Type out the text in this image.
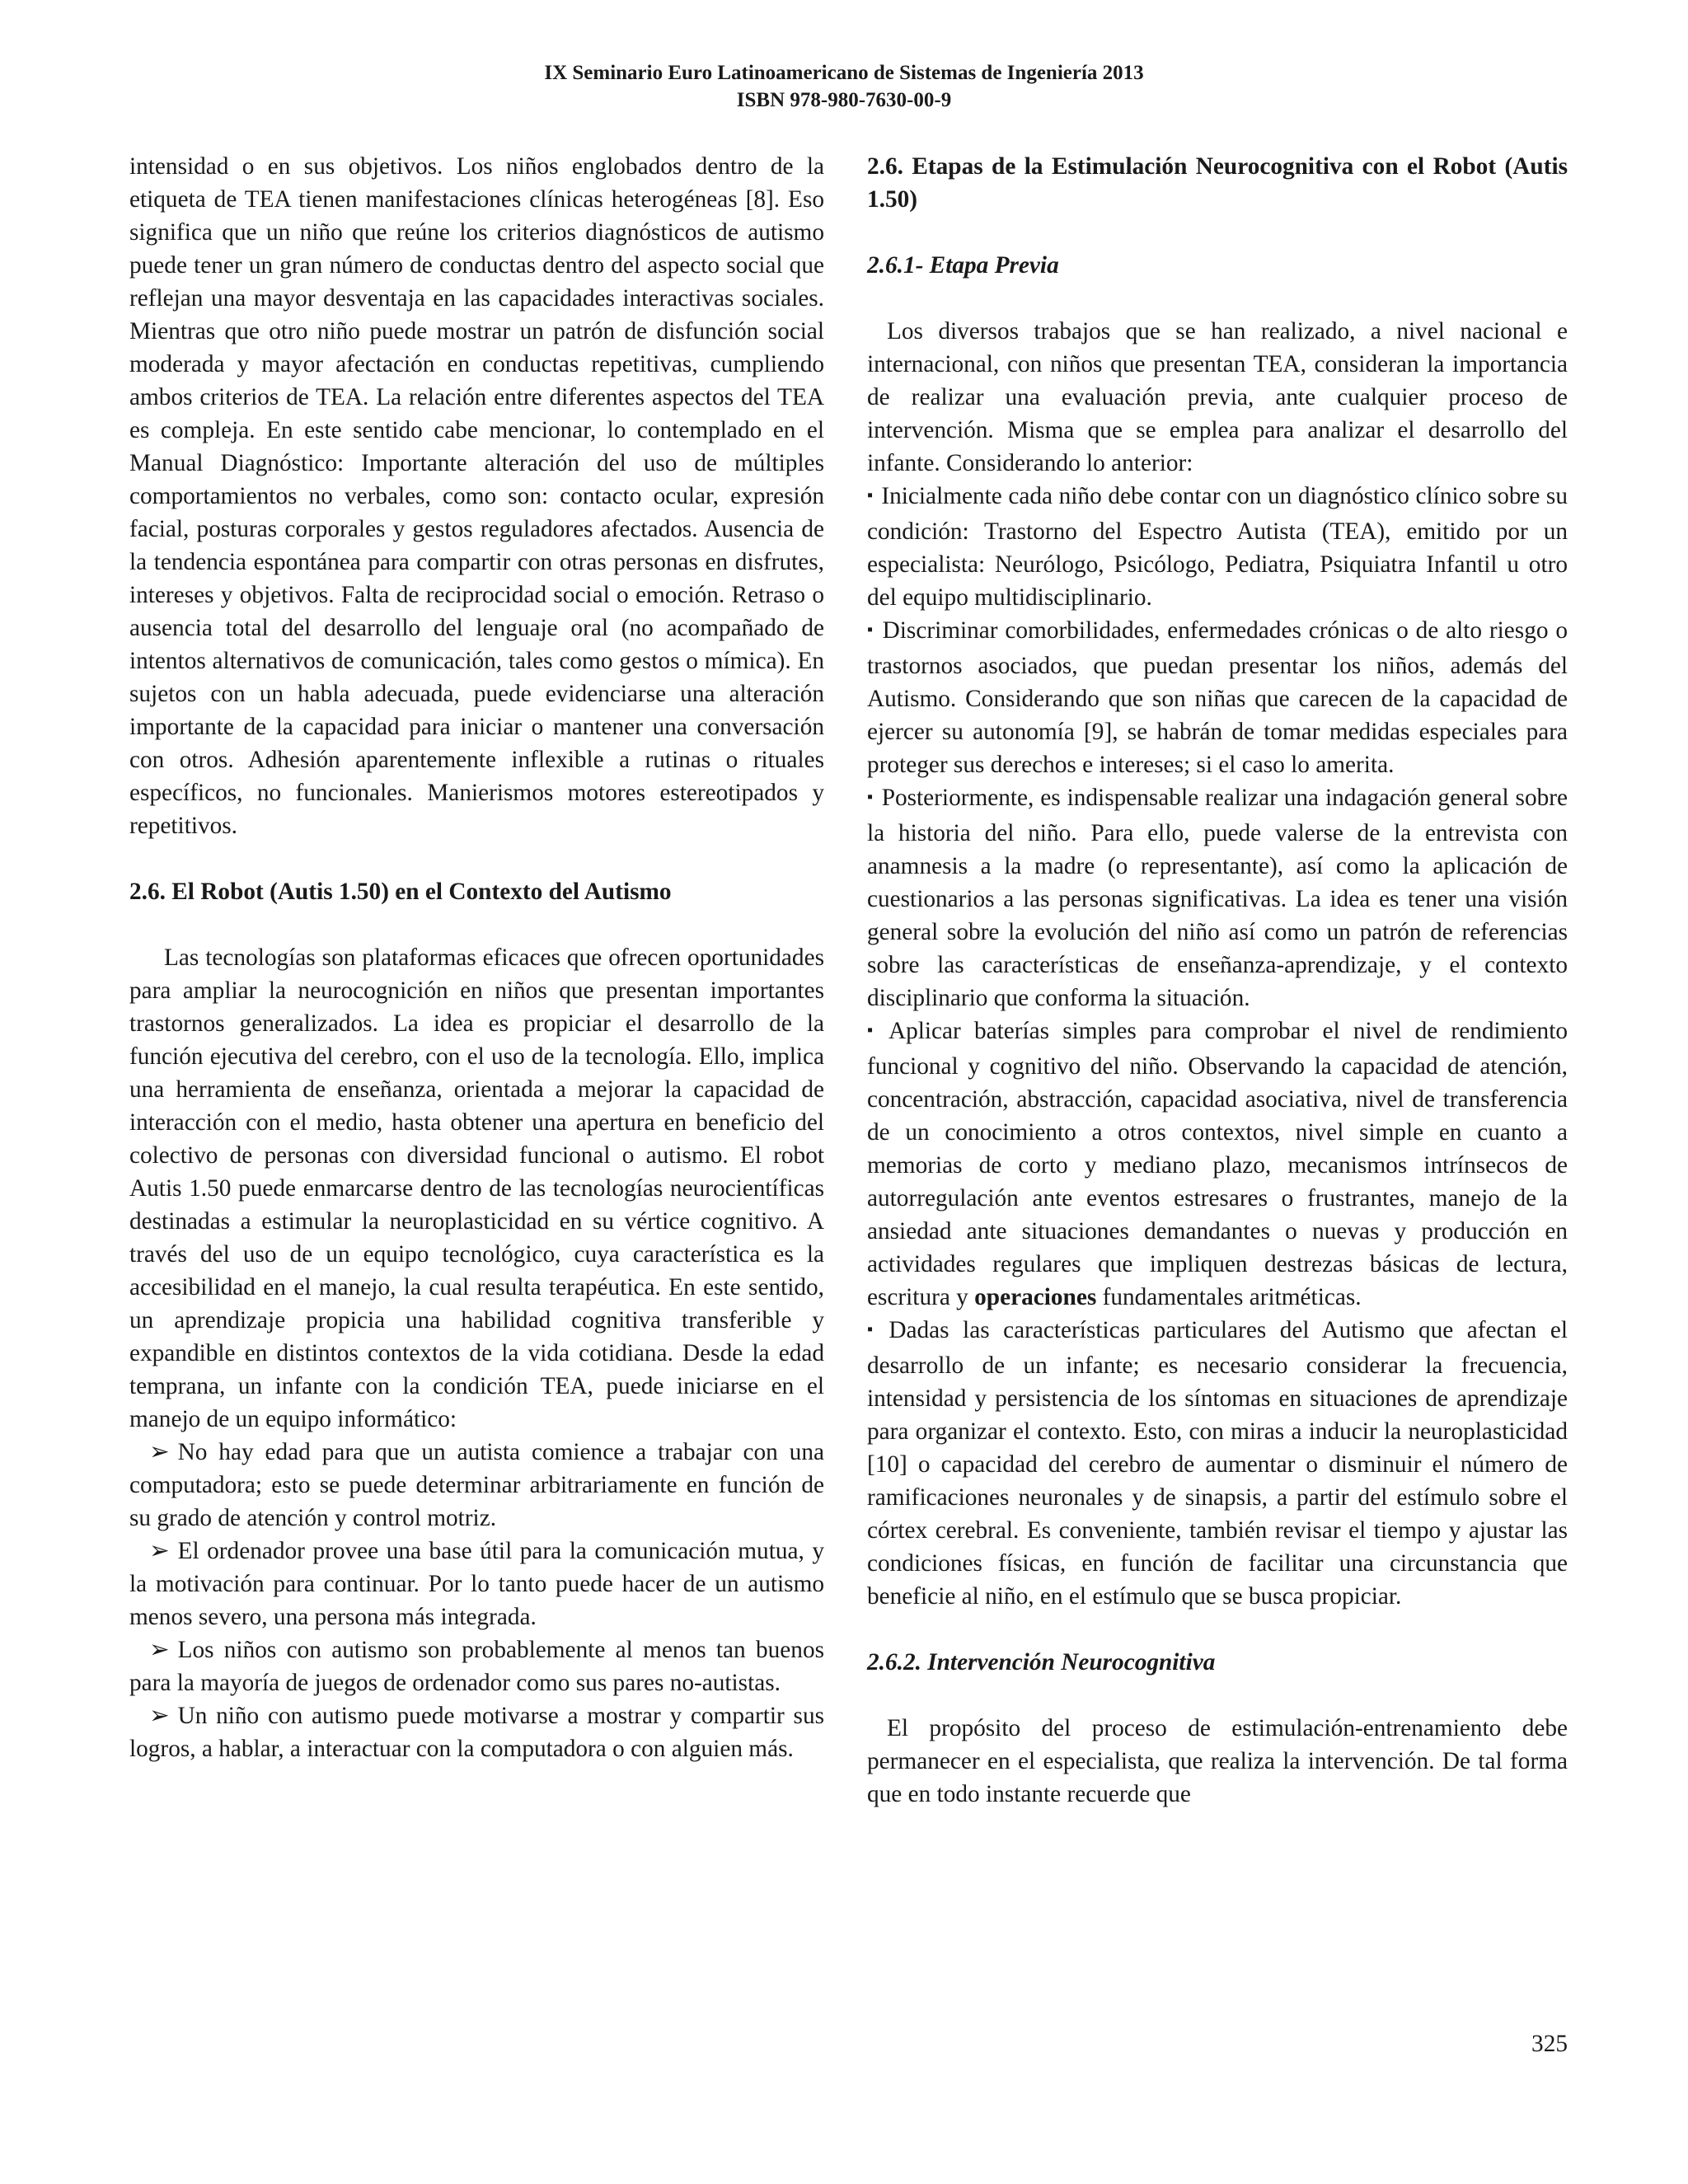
IX Seminario Euro Latinoamericano de Sistemas de Ingeniería 2013
ISBN 978-980-7630-00-9

intensidad o en sus objetivos. Los niños englobados dentro de la etiqueta de TEA tienen manifestaciones clínicas heterogéneas [8]. Eso significa que un niño que reúne los criterios diagnósticos de autismo puede tener un gran número de conductas dentro del aspecto social que reflejan una mayor desventaja en las capacidades interactivas sociales. Mientras que otro niño puede mostrar un patrón de disfunción social moderada y mayor afectación en conductas repetitivas, cumpliendo ambos criterios de TEA. La relación entre diferentes aspectos del TEA es compleja. En este sentido cabe mencionar, lo contemplado en el Manual Diagnóstico: Importante alteración del uso de múltiples comportamientos no verbales, como son: contacto ocular, expresión facial, posturas corporales y gestos reguladores afectados. Ausencia de la tendencia espontánea para compartir con otras personas en disfrutes, intereses y objetivos. Falta de reciprocidad social o emoción. Retraso o ausencia total del desarrollo del lenguaje oral (no acompañado de intentos alternativos de comunicación, tales como gestos o mímica). En sujetos con un habla adecuada, puede evidenciarse una alteración importante de la capacidad para iniciar o mantener una conversación con otros. Adhesión aparentemente inflexible a rutinas o rituales específicos, no funcionales. Manierismos motores estereotipados y repetitivos.

2.6. El Robot (Autis 1.50) en el Contexto del Autismo

Las tecnologías son plataformas eficaces que ofrecen oportunidades para ampliar la neurocognición en niños que presentan importantes trastornos generalizados. La idea es propiciar el desarrollo de la función ejecutiva del cerebro, con el uso de la tecnología. Ello, implica una herramienta de enseñanza, orientada a mejorar la capacidad de interacción con el medio, hasta obtener una apertura en beneficio del colectivo de personas con diversidad funcional o autismo. El robot Autis 1.50 puede enmarcarse dentro de las tecnologías neurocientíficas destinadas a estimular la neuroplasticidad en su vértice cognitivo. A través del uso de un equipo tecnológico, cuya característica es la accesibilidad en el manejo, la cual resulta terapéutica. En este sentido, un aprendizaje propicia una habilidad cognitiva transferible y expandible en distintos contextos de la vida cotidiana. Desde la edad temprana, un infante con la condición TEA, puede iniciarse en el manejo de un equipo informático:

➢ No hay edad para que un autista comience a trabajar con una computadora; esto se puede determinar arbitrariamente en función de su grado de atención y control motriz.

➢ El ordenador provee una base útil para la comunicación mutua, y la motivación para continuar. Por lo tanto puede hacer de un autismo menos severo, una persona más integrada.

➢ Los niños con autismo son probablemente al menos tan buenos para la mayoría de juegos de ordenador como sus pares no-autistas.

➢ Un niño con autismo puede motivarse a mostrar y compartir sus logros, a hablar, a interactuar con la computadora o con alguien más.

2.6. Etapas de la Estimulación Neurocognitiva con el Robot (Autis 1.50)
2.6.1- Etapa Previa

Los diversos trabajos que se han realizado, a nivel nacional e internacional, con niños que presentan TEA, consideran la importancia de realizar una evaluación previa, ante cualquier proceso de intervención. Misma que se emplea para analizar el desarrollo del infante. Considerando lo anterior:

▪ Inicialmente cada niño debe contar con un diagnóstico clínico sobre su condición: Trastorno del Espectro Autista (TEA), emitido por un especialista: Neurólogo, Psicólogo, Pediatra, Psiquiatra Infantil u otro del equipo multidisciplinario.

▪ Discriminar comorbilidades, enfermedades crónicas o de alto riesgo o trastornos asociados, que puedan presentar los niños, además del Autismo. Considerando que son niñas que carecen de la capacidad de ejercer su autonomía [9], se habrán de tomar medidas especiales para proteger sus derechos e intereses; si el caso lo amerita.

▪ Posteriormente, es indispensable realizar una indagación general sobre la historia del niño. Para ello, puede valerse de la entrevista con anamnesis a la madre (o representante), así como la aplicación de cuestionarios a las personas significativas. La idea es tener una visión general sobre la evolución del niño así como un patrón de referencias sobre las características de enseñanza-aprendizaje, y el contexto disciplinario que conforma la situación.

▪ Aplicar baterías simples para comprobar el nivel de rendimiento funcional y cognitivo del niño. Observando la capacidad de atención, concentración, abstracción, capacidad asociativa, nivel de transferencia de un conocimiento a otros contextos, nivel simple en cuanto a memorias de corto y mediano plazo, mecanismos intrínsecos de autorregulación ante eventos estresares o frustrantes, manejo de la ansiedad ante situaciones demandantes o nuevas y producción en actividades regulares que impliquen destrezas básicas de lectura, escritura y operaciones fundamentales aritméticas.

▪ Dadas las características particulares del Autismo que afectan el desarrollo de un infante; es necesario considerar la frecuencia, intensidad y persistencia de los síntomas en situaciones de aprendizaje para organizar el contexto. Esto, con miras a inducir la neuroplasticidad [10] o capacidad del cerebro de aumentar o disminuir el número de ramificaciones neuronales y de sinapsis, a partir del estímulo sobre el córtex cerebral. Es conveniente, también revisar el tiempo y ajustar las condiciones físicas, en función de facilitar una circunstancia que beneficie al niño, en el estímulo que se busca propiciar.

2.6.2. Intervención Neurocognitiva

El propósito del proceso de estimulación-entrenamiento debe permanecer en el especialista, que realiza la intervención. De tal forma que en todo instante recuerde que

325
